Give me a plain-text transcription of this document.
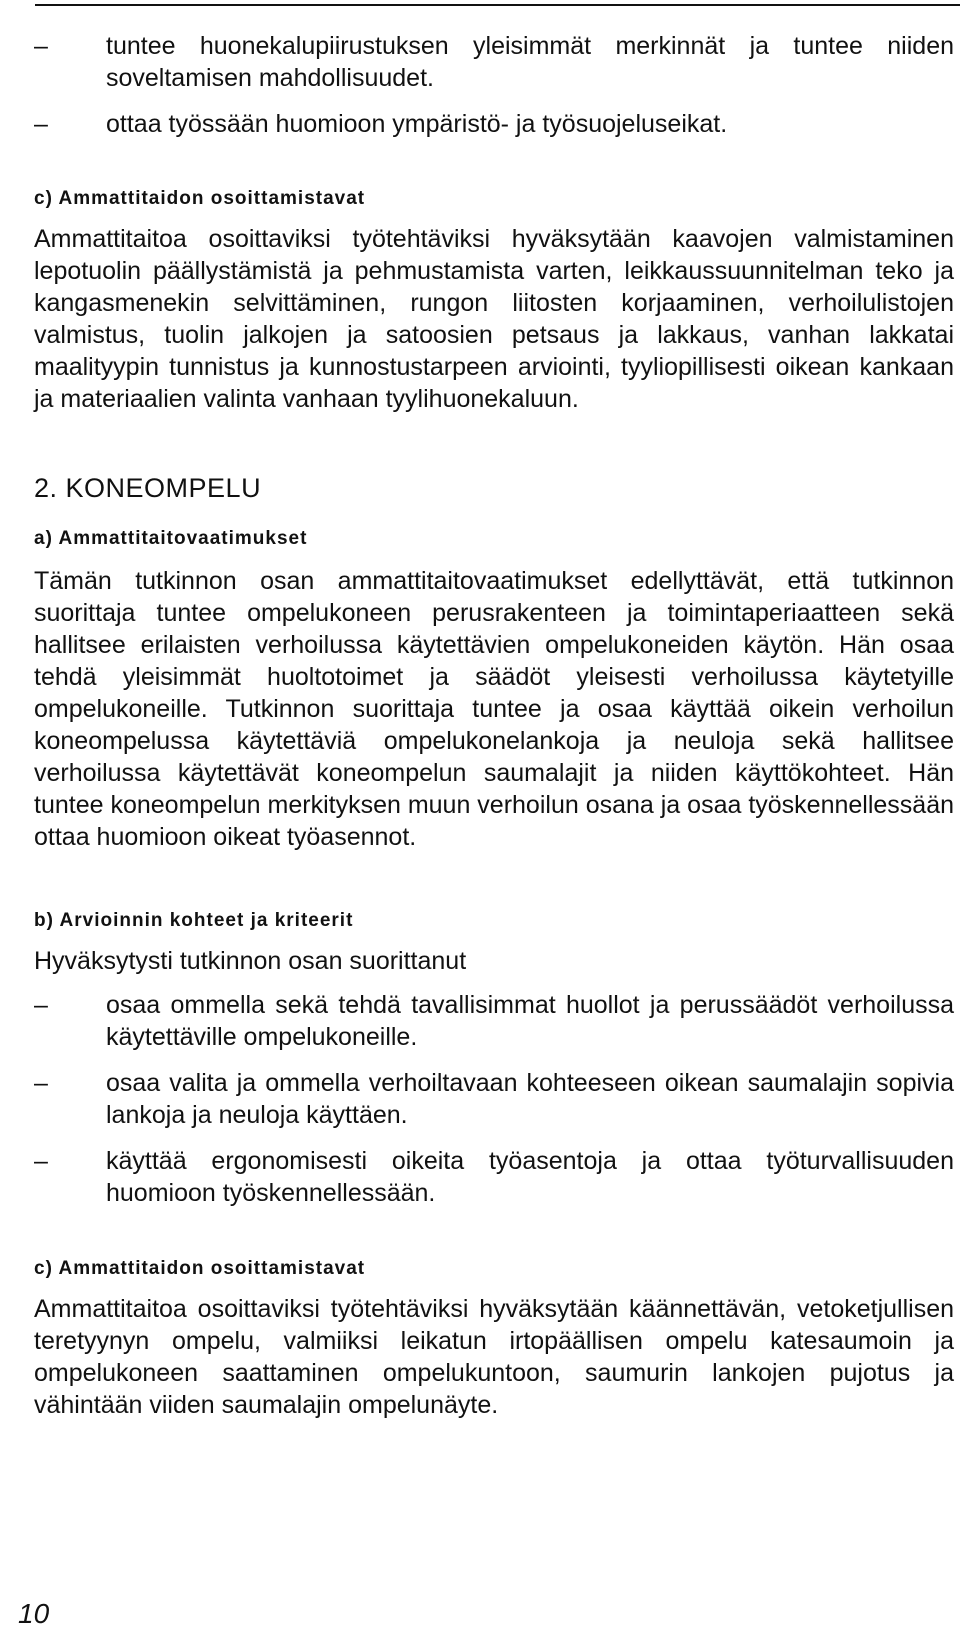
–	tuntee huonekalupiirustuksen yleisimmät merkinnät ja tuntee niiden soveltamisen mahdollisuudet.
–	ottaa työssään huomioon ympäristö- ja työsuojeluseikat.
c) Ammattitaidon osoittamistavat
Ammattitaitoa osoittaviksi työtehtäviksi hyväksytään kaavojen valmistaminen lepotuolin päällystämistä ja pehmustamista varten, leikkaussuunnitelman teko ja kangasmenekin selvittäminen, rungon liitosten korjaaminen, verhoilulistojen valmistus, tuolin jalkojen ja satoosien petsaus ja lakkaus, vanhan lakkatai maalityypin tunnistus ja kunnostustarpeen arviointi, tyyliopillisesti oikean kankaan ja materiaalien valinta vanhaan tyylihuonekaluun.
2. KONEOMPELU
a) Ammattitaitovaatimukset
Tämän tutkinnon osan ammattitaitovaatimukset edellyttävät, että tutkinnon suorittaja tuntee ompelukoneen perusrakenteen ja toimintaperiaatteen sekä hallitsee erilaisten verhoilussa käytettävien ompelukoneiden käytön. Hän osaa tehdä yleisimmät huoltotoimet ja säädöt yleisesti verhoilussa käytetyille ompelukoneille. Tutkinnon suorittaja tuntee ja osaa käyttää oikein verhoilun koneompelussa käytettäviä ompelukonelankoja ja neuloja sekä hallitsee verhoilussa käytettävät koneompelun saumalajit ja niiden käyttökohteet. Hän tuntee koneompelun merkityksen muun verhoilun osana ja osaa työskennellessään ottaa huomioon oikeat työasennot.
b) Arvioinnin kohteet ja kriteerit
Hyväksytysti tutkinnon osan suorittanut
–	osaa ommella sekä tehdä tavallisimmat huollot ja perussäädöt verhoilussa käytettäville ompelukoneille.
–	osaa valita ja ommella verhoiltavaan kohteeseen oikean saumalajin sopivia lankoja ja neuloja käyttäen.
–	käyttää ergonomisesti oikeita työasentoja ja ottaa työturvallisuuden huomioon työskennellessään.
c) Ammattitaidon osoittamistavat
Ammattitaitoa osoittaviksi työtehtäviksi hyväksytään käännettävän, vetoketjullisen teretyynyn ompelu, valmiiksi leikatun irtopäällisen ompelu katesaumoin ja ompelukoneen saattaminen ompelukuntoon, saumurin lankojen pujotus ja vähintään viiden saumalajin ompelunäyte.
10
